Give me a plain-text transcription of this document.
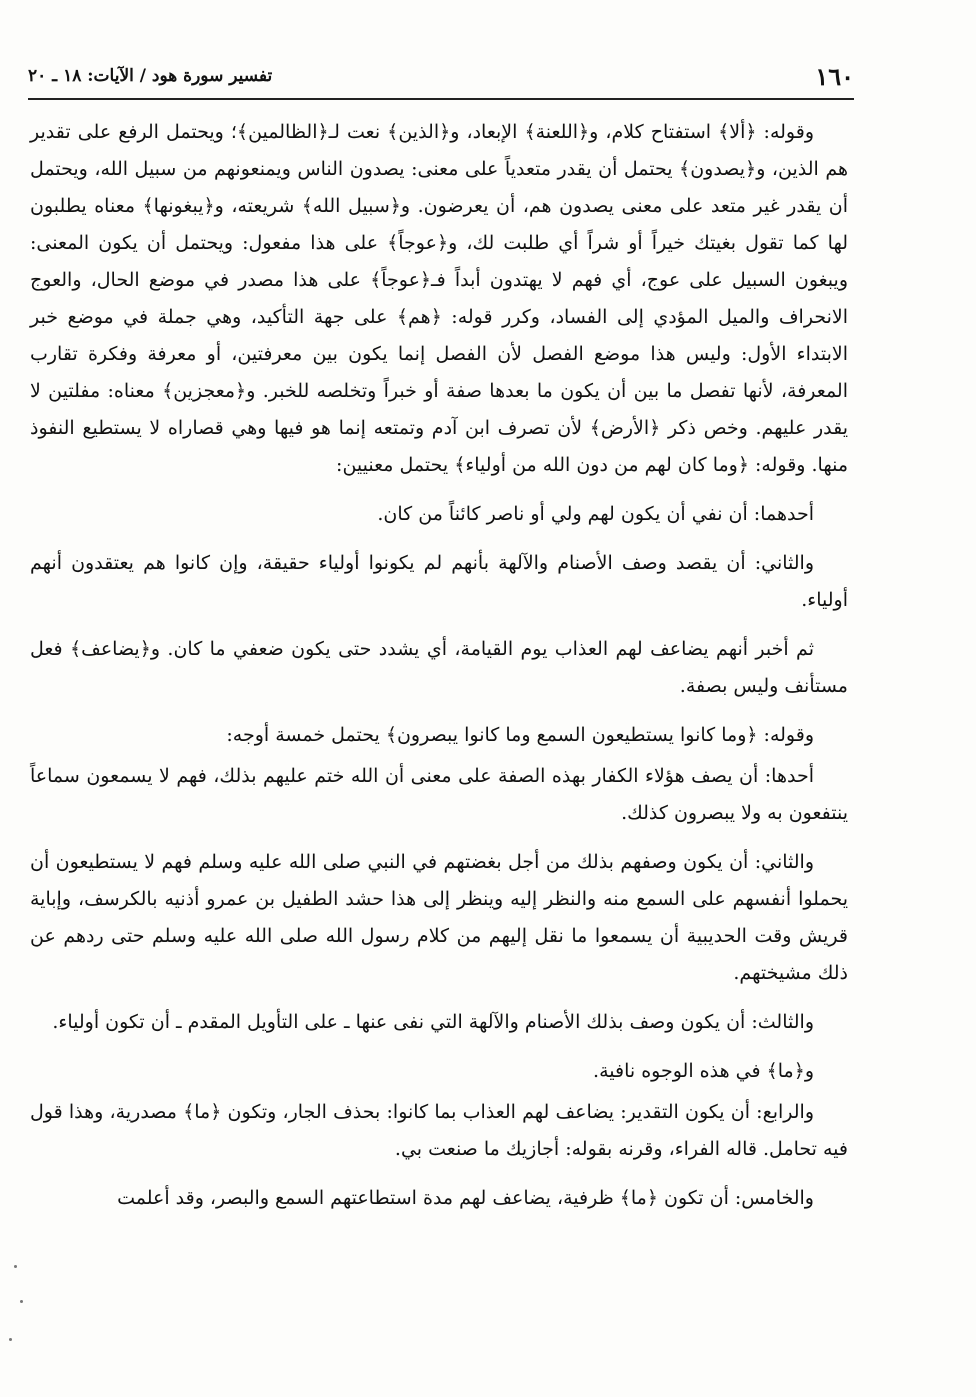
١٦٠
تفسير سورة هود / الآيات: ١٨ ـ ٢٠

وقوله: ﴿ألا﴾ استفتاح كلام، و﴿اللعنة﴾ الإبعاد، و﴿الذين﴾ نعت لـ﴿الظالمين﴾؛ ويحتمل الرفع على تقدير هم الذين، و﴿يصدون﴾ يحتمل أن يقدر متعدياً على معنى: يصدون الناس ويمنعونهم من سبيل الله، ويحتمل أن يقدر غير متعد على معنى يصدون هم، أن يعرضون. و﴿سبيل الله﴾ شريعته، و﴿يبغونها﴾ معناه يطلبون لها كما تقول بغيتك خيراً أو شراً أي طلبت لك، و﴿عوجاً﴾ على هذا مفعول: ويحتمل أن يكون المعنى: ويبغون السبيل على عوج، أي فهم لا يهتدون أبداً فـ﴿عوجاً﴾ على هذا مصدر في موضع الحال، والعوج الانحراف والميل المؤدي إلى الفساد، وكرر قوله: ﴿هم﴾ على جهة التأكيد، وهي جملة في موضع خبر الابتداء الأول: وليس هذا موضع الفصل لأن الفصل إنما يكون بين معرفتين، أو معرفة وفكرة تقارب المعرفة، لأنها تفصل ما بين أن يكون ما بعدها صفة أو خبراً وتخلصه للخبر. و﴿معجزين﴾ معناه: مفلتين لا يقدر عليهم. وخص ذكر ﴿الأرض﴾ لأن تصرف ابن آدم وتمتعه إنما هو فيها وهي قصاراه لا يستطيع النفوذ منها. وقوله: ﴿وما كان لهم من دون الله من أولياء﴾ يحتمل معنيين:

أحدهما: أن نفي أن يكون لهم ولي أو ناصر كائناً من كان.

والثاني: أن يقصد وصف الأصنام والآلهة بأنهم لم يكونوا أولياء حقيقة، وإن كانوا هم يعتقدون أنهم أولياء.

ثم أخبر أنهم يضاعف لهم العذاب يوم القيامة، أي يشدد حتى يكون ضعفي ما كان. و﴿يضاعف﴾ فعل مستأنف وليس بصفة.

وقوله: ﴿وما كانوا يستطيعون السمع وما كانوا يبصرون﴾ يحتمل خمسة أوجه:

أحدها: أن يصف هؤلاء الكفار بهذه الصفة على معنى أن الله ختم عليهم بذلك، فهم لا يسمعون سماعاً ينتفعون به ولا يبصرون كذلك.

والثاني: أن يكون وصفهم بذلك من أجل بغضتهم في النبي صلى الله عليه وسلم فهم لا يستطيعون أن يحملوا أنفسهم على السمع منه والنظر إليه وينظر إلى هذا حشد الطفيل بن عمرو أذنيه بالكرسف، وإباية قريش وقت الحديبية أن يسمعوا ما نقل إليهم من كلام رسول الله صلى الله عليه وسلم حتى ردهم عن ذلك مشيختهم.

والثالث: أن يكون وصف بذلك الأصنام والآلهة التي نفى عنها ـ على التأويل المقدم ـ أن تكون أولياء.

و﴿ما﴾ في هذه الوجوه نافية.

والرابع: أن يكون التقدير: يضاعف لهم العذاب بما كانوا: بحذف الجار، وتكون ﴿ما﴾ مصدرية، وهذا قول فيه تحامل. قاله الفراء، وقرنه بقوله: أجازيك ما صنعت بي.

والخامس: أن تكون ﴿ما﴾ ظرفية، يضاعف لهم مدة استطاعتهم السمع والبصر، وقد أعلمت
